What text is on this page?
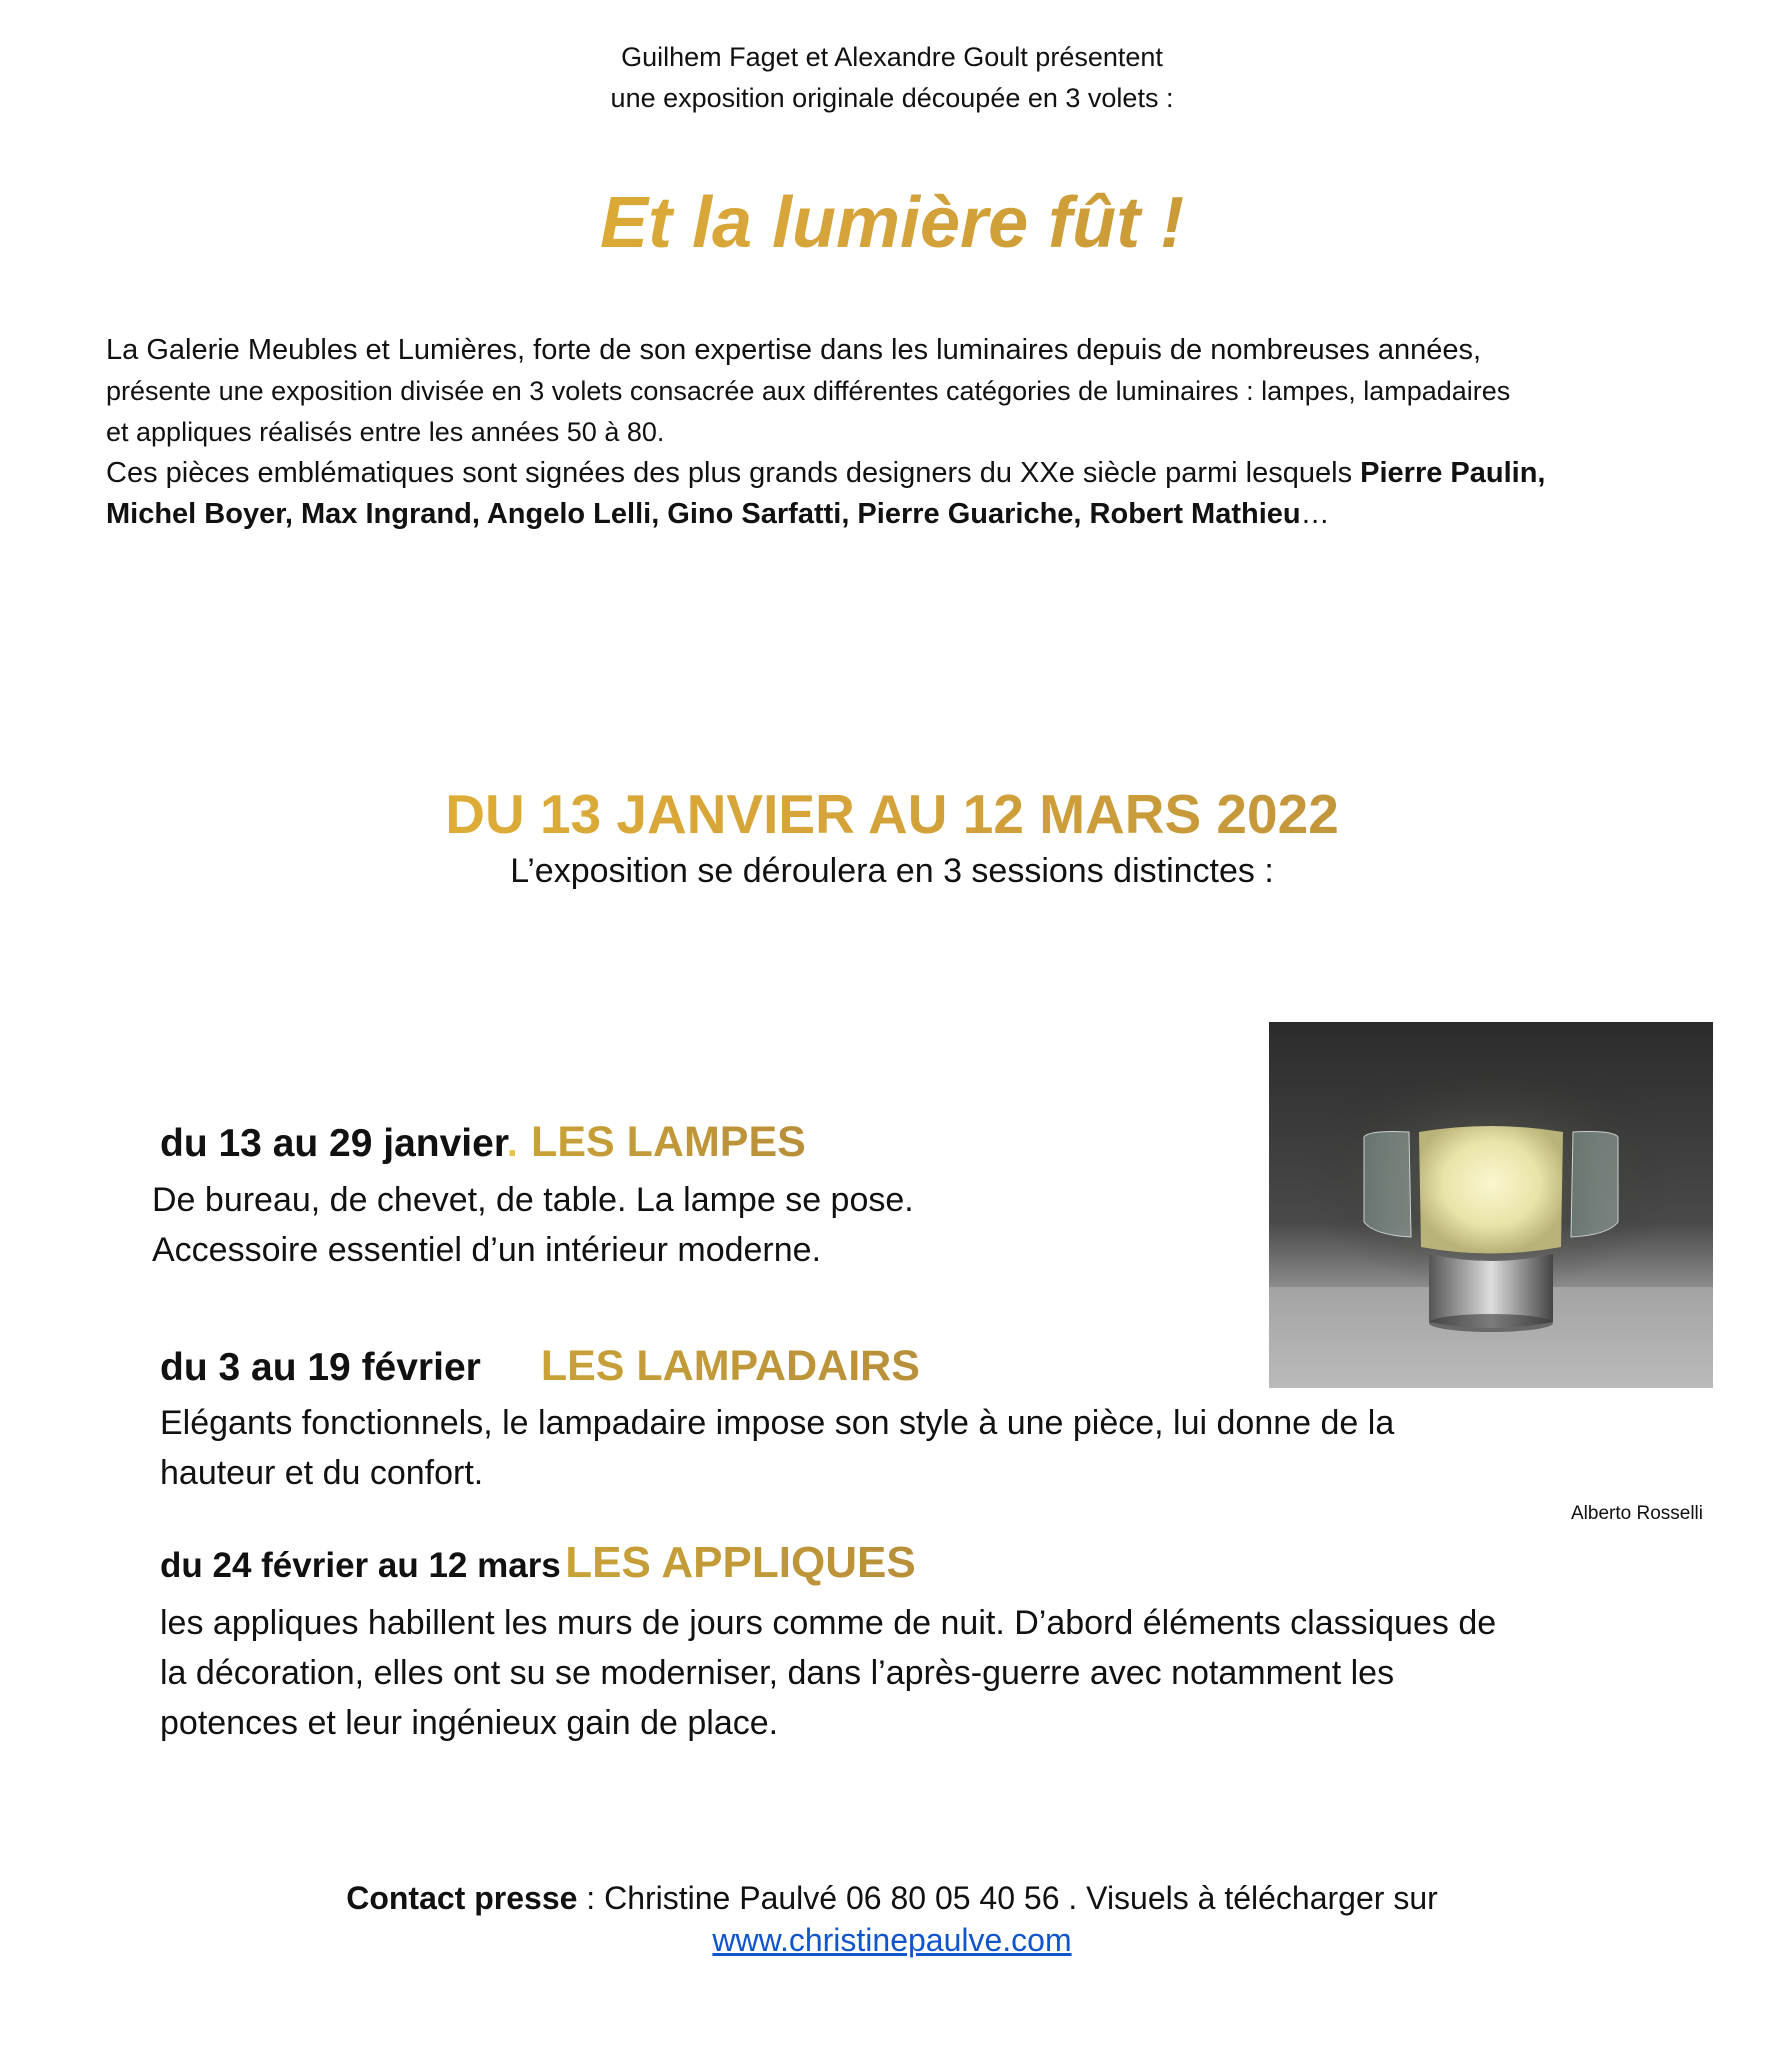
Guilhem Faget et Alexandre Goult présentent
une exposition originale découpée en 3 volets :
Et la lumière fût !
La Galerie Meubles et Lumières, forte de son expertise dans les luminaires depuis de nombreuses années,
présente une exposition divisée en 3 volets consacrée aux différentes catégories de luminaires : lampes, lampadaires
et appliques réalisés entre les années 50 à 80.
Ces pièces emblématiques sont signées des plus grands designers du XXe siècle parmi lesquels Pierre Paulin,
Michel Boyer, Max Ingrand, Angelo Lelli, Gino Sarfatti, Pierre Guariche, Robert Mathieu…
DU 13 JANVIER AU 12 MARS 2022
L’exposition se déroulera en 3 sessions distinctes :
du 13 au 29 janvier. LES LAMPES
De bureau, de chevet, de table. La lampe se pose.
Accessoire essentiel d’un intérieur moderne.
du 3 au 19 février LES LAMPADAIRS
Elégants fonctionnels, le lampadaire impose son style à une pièce, lui donne de la
hauteur et du confort.
Alberto Rosselli
du 24 février au 12 mars LES APPLIQUES
les appliques habillent les murs de jours comme de nuit. D’abord éléments classiques de
la décoration, elles ont su se moderniser, dans l’après-guerre avec notamment les
potences et leur ingénieux gain de place.
Contact presse : Christine Paulvé 06 80 05 40 56 . Visuels à télécharger sur
www.christinepaulve.com
